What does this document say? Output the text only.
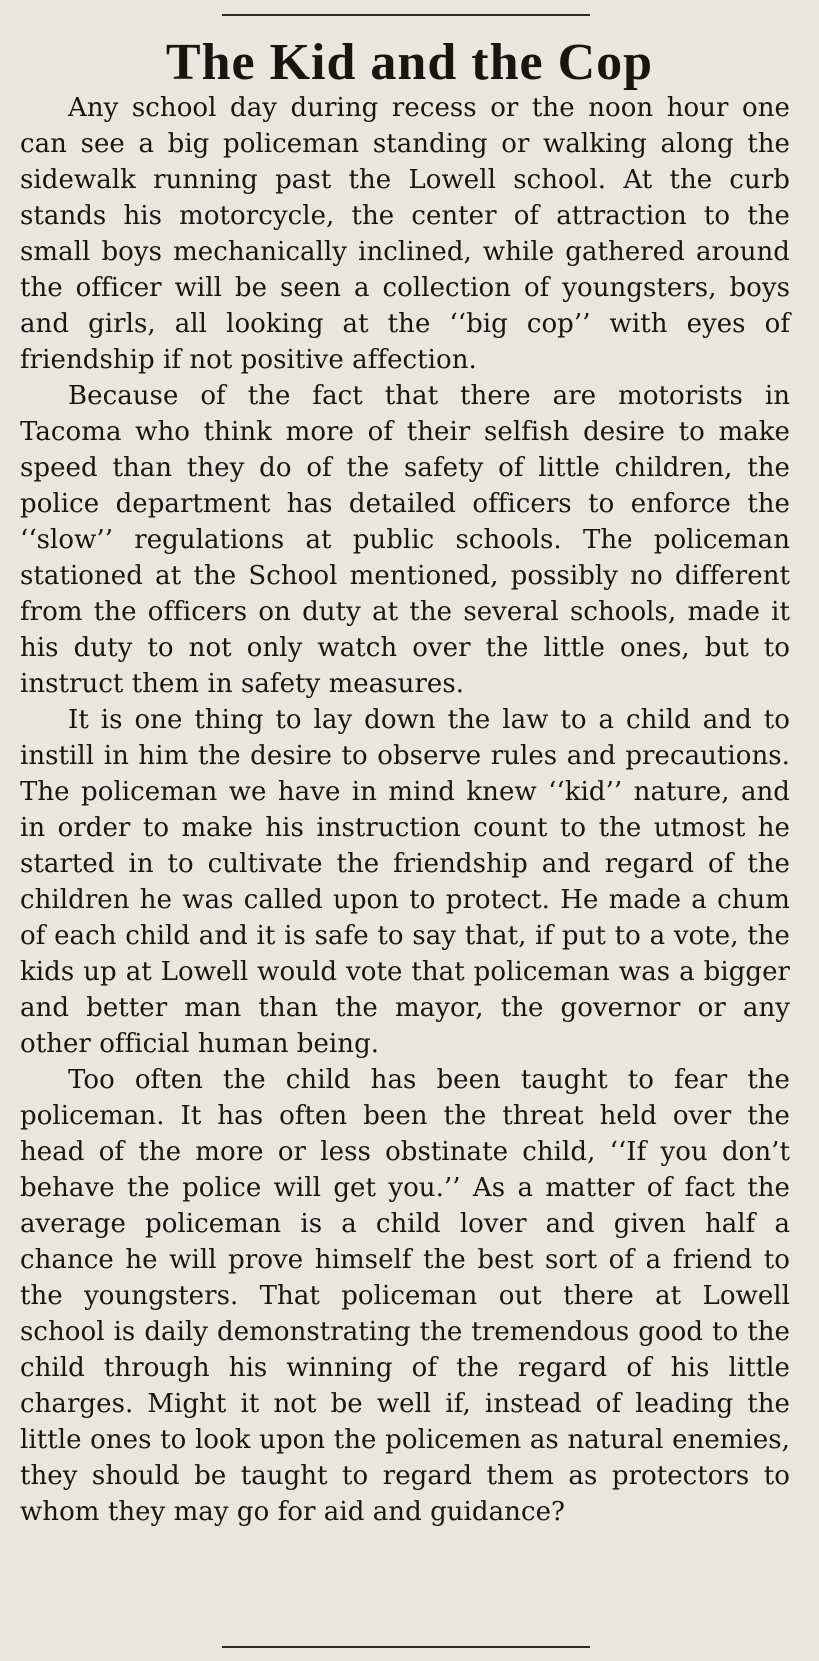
The Kid and the Cop

Any school day during recess or the noon hour one can see a big policeman standing or walking along the sidewalk running past the Lowell school. At the curb stands his motorcycle, the center of attraction to the small boys mechanically inclined, while gathered around the officer will be seen a collection of youngsters, boys and girls, all looking at the ‘‘big cop’’ with eyes of friendship if not positive affection.

Because of the fact that there are motorists in Tacoma who think more of their selfish desire to make speed than they do of the safety of little children, the police department has detailed officers to enforce the ‘‘slow’’ regulations at public schools. The policeman stationed at the School mentioned, possibly no different from the officers on duty at the several schools, made it his duty to not only watch over the little ones, but to instruct them in safety measures.

It is one thing to lay down the law to a child and to instill in him the desire to observe rules and precautions. The policeman we have in mind knew ‘‘kid’’ nature, and in order to make his instruction count to the utmost he started in to cultivate the friendship and regard of the children he was called upon to protect. He made a chum of each child and it is safe to say that, if put to a vote, the kids up at Lowell would vote that policeman was a bigger and better man than the mayor, the governor or any other official human being.

Too often the child has been taught to fear the policeman. It has often been the threat held over the head of the more or less obstinate child, ‘‘If you don’t behave the police will get you.’’ As a matter of fact the average policeman is a child lover and given half a chance he will prove himself the best sort of a friend to the youngsters. That policeman out there at Lowell school is daily demonstrating the tremendous good to the child through his winning of the regard of his little charges. Might it not be well if, instead of leading the little ones to look upon the policemen as natural enemies, they should be taught to regard them as protectors to whom they may go for aid and guidance?
